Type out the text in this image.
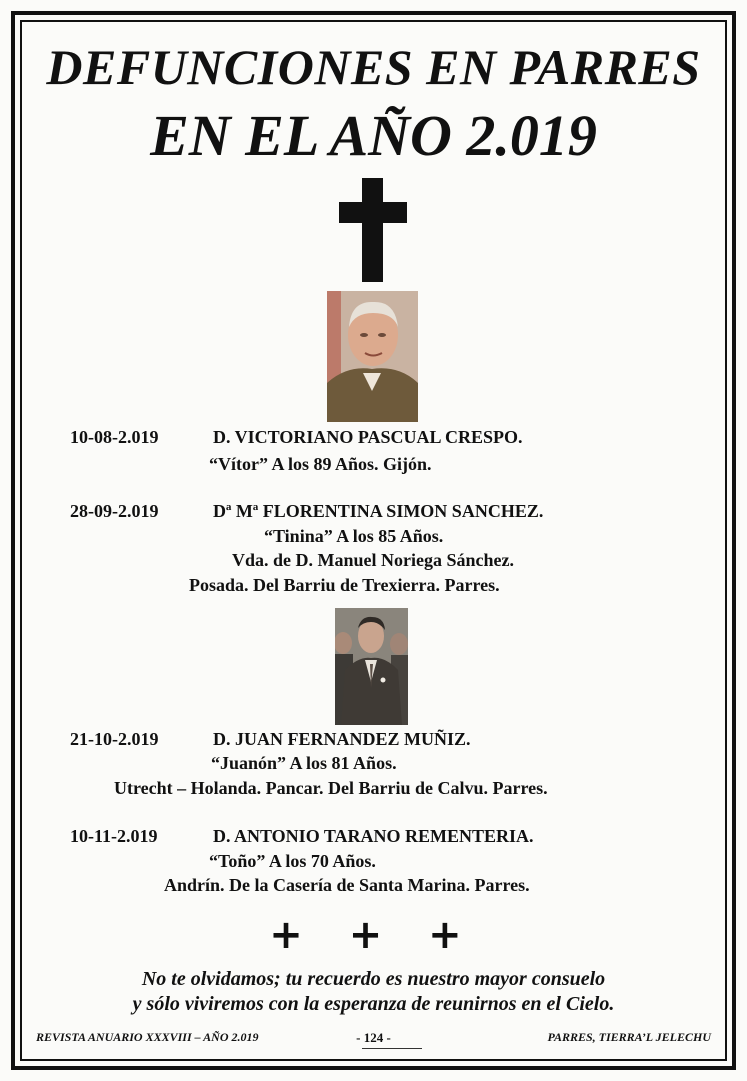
DEFUNCIONES EN PARRES
EN EL AÑO 2.019

10-08-2.019	D. VICTORIANO PASCUAL CRESPO.

“Vítor” A los 89 Años. Gijón.

28-09-2.019	Dª Mª FLORENTINA SIMON SANCHEZ.

“Tinina” A los 85 Años.

Vda. de D. Manuel Noriega Sánchez.

Posada. Del Barriu de Trexierra. Parres.

21-10-2.019	D. JUAN FERNANDEZ MUÑIZ.

“Juanón” A los 81 Años.

Utrecht – Holanda. Pancar. Del Barriu de Calvu. Parres.

10-11-2.019	D. ANTONIO TARANO REMENTERIA.

“Toño” A los 70 Años.

Andrín. De la Casería de Santa Marina. Parres.

+ + +

No te olvidamos; tu recuerdo es nuestro mayor consuelo

y sólo viviremos con la esperanza de reunirnos en el Cielo.

REVISTA ANUARIO XXXVIII – AÑO 2.019	- 124 -	PARRES, TIERRA’L JELECHU
